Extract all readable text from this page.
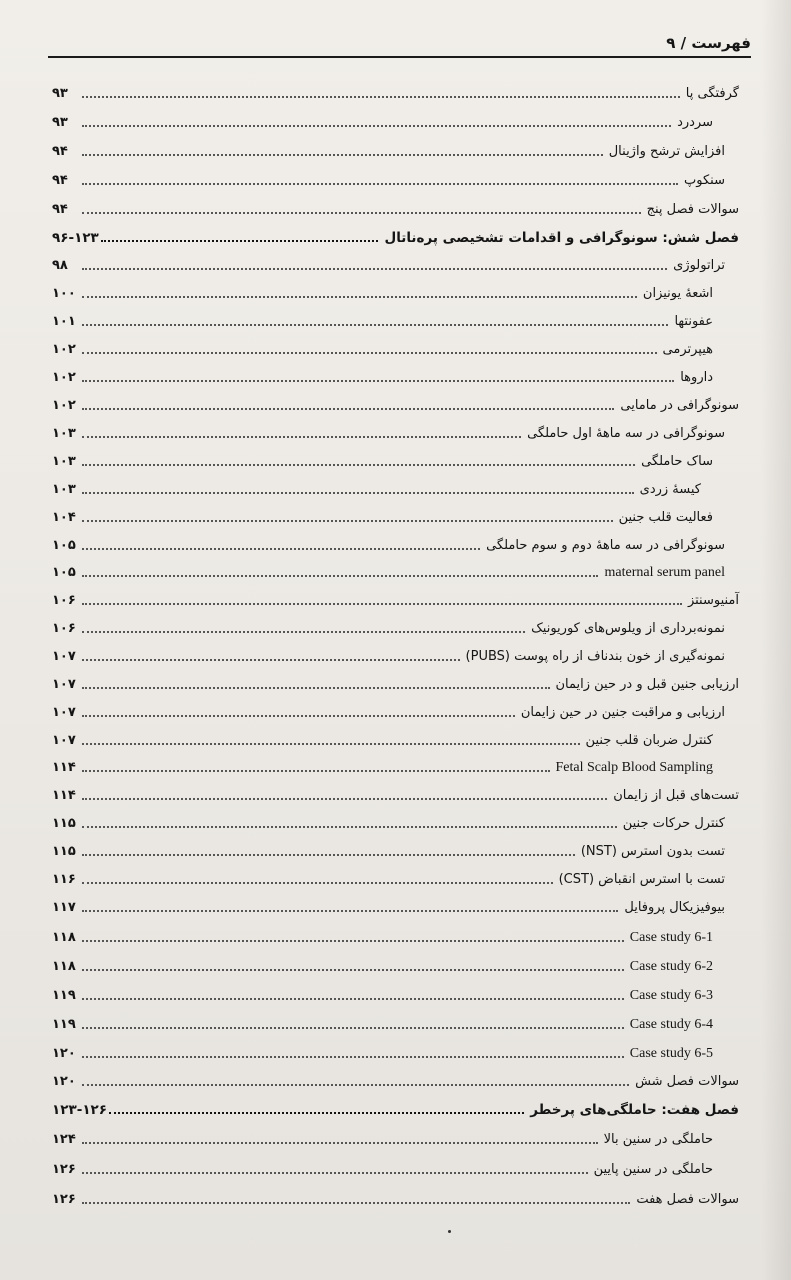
فهرست / ۹
گرفتگی پا
۹۳
سردرد
۹۳
افزایش ترشح واژینال
۹۴
سنکوپ
۹۴
سوالات فصل پنج
۹۴
فصل شش: سونوگرافی و اقدامات تشخیصی پره‌ناتال
۹۶-۱۲۳
تراتولوژی
۹۸
اشعهٔ یونیزان
۱۰۰
عفونتها
۱۰۱
هیپرترمی
۱۰۲
داروها
۱۰۲
سونوگرافی در مامایی
۱۰۲
سونوگرافی در سه ماههٔ اول حاملگی
۱۰۳
ساک حاملگی
۱۰۳
کیسهٔ زردی
۱۰۳
فعالیت قلب جنین
۱۰۴
سونوگرافی در سه ماههٔ دوم و سوم حاملگی
۱۰۵
maternal serum panel
۱۰۵
آمنیوسنتز
۱۰۶
نمونه‌برداری از ویلوس‌های کوریونیک
۱۰۶
نمونه‌گیری از خون بندناف از راه پوست (PUBS)
۱۰۷
ارزیابی جنین قبل و در حین زایمان
۱۰۷
ارزیابی و مراقبت جنین در حین زایمان
۱۰۷
کنترل ضربان قلب جنین
۱۰۷
Fetal Scalp Blood Sampling
۱۱۴
تست‌های قبل از زایمان
۱۱۴
کنترل حرکات جنین
۱۱۵
تست بدون استرس (NST)
۱۱۵
تست با استرس انقباض (CST)
۱۱۶
بیوفیزیکال پروفایل
۱۱۷
Case study 6-1
۱۱۸
Case study 6-2
۱۱۸
Case study 6-3
۱۱۹
Case study 6-4
۱۱۹
Case study 6-5
۱۲۰
سوالات فصل شش
۱۲۰
فصل هفت: حاملگی‌های پرخطر
۱۲۳-۱۲۶
حاملگی در سنین بالا
۱۲۴
حاملگی در سنین پایین
۱۲۶
سوالات فصل هفت
۱۲۶
